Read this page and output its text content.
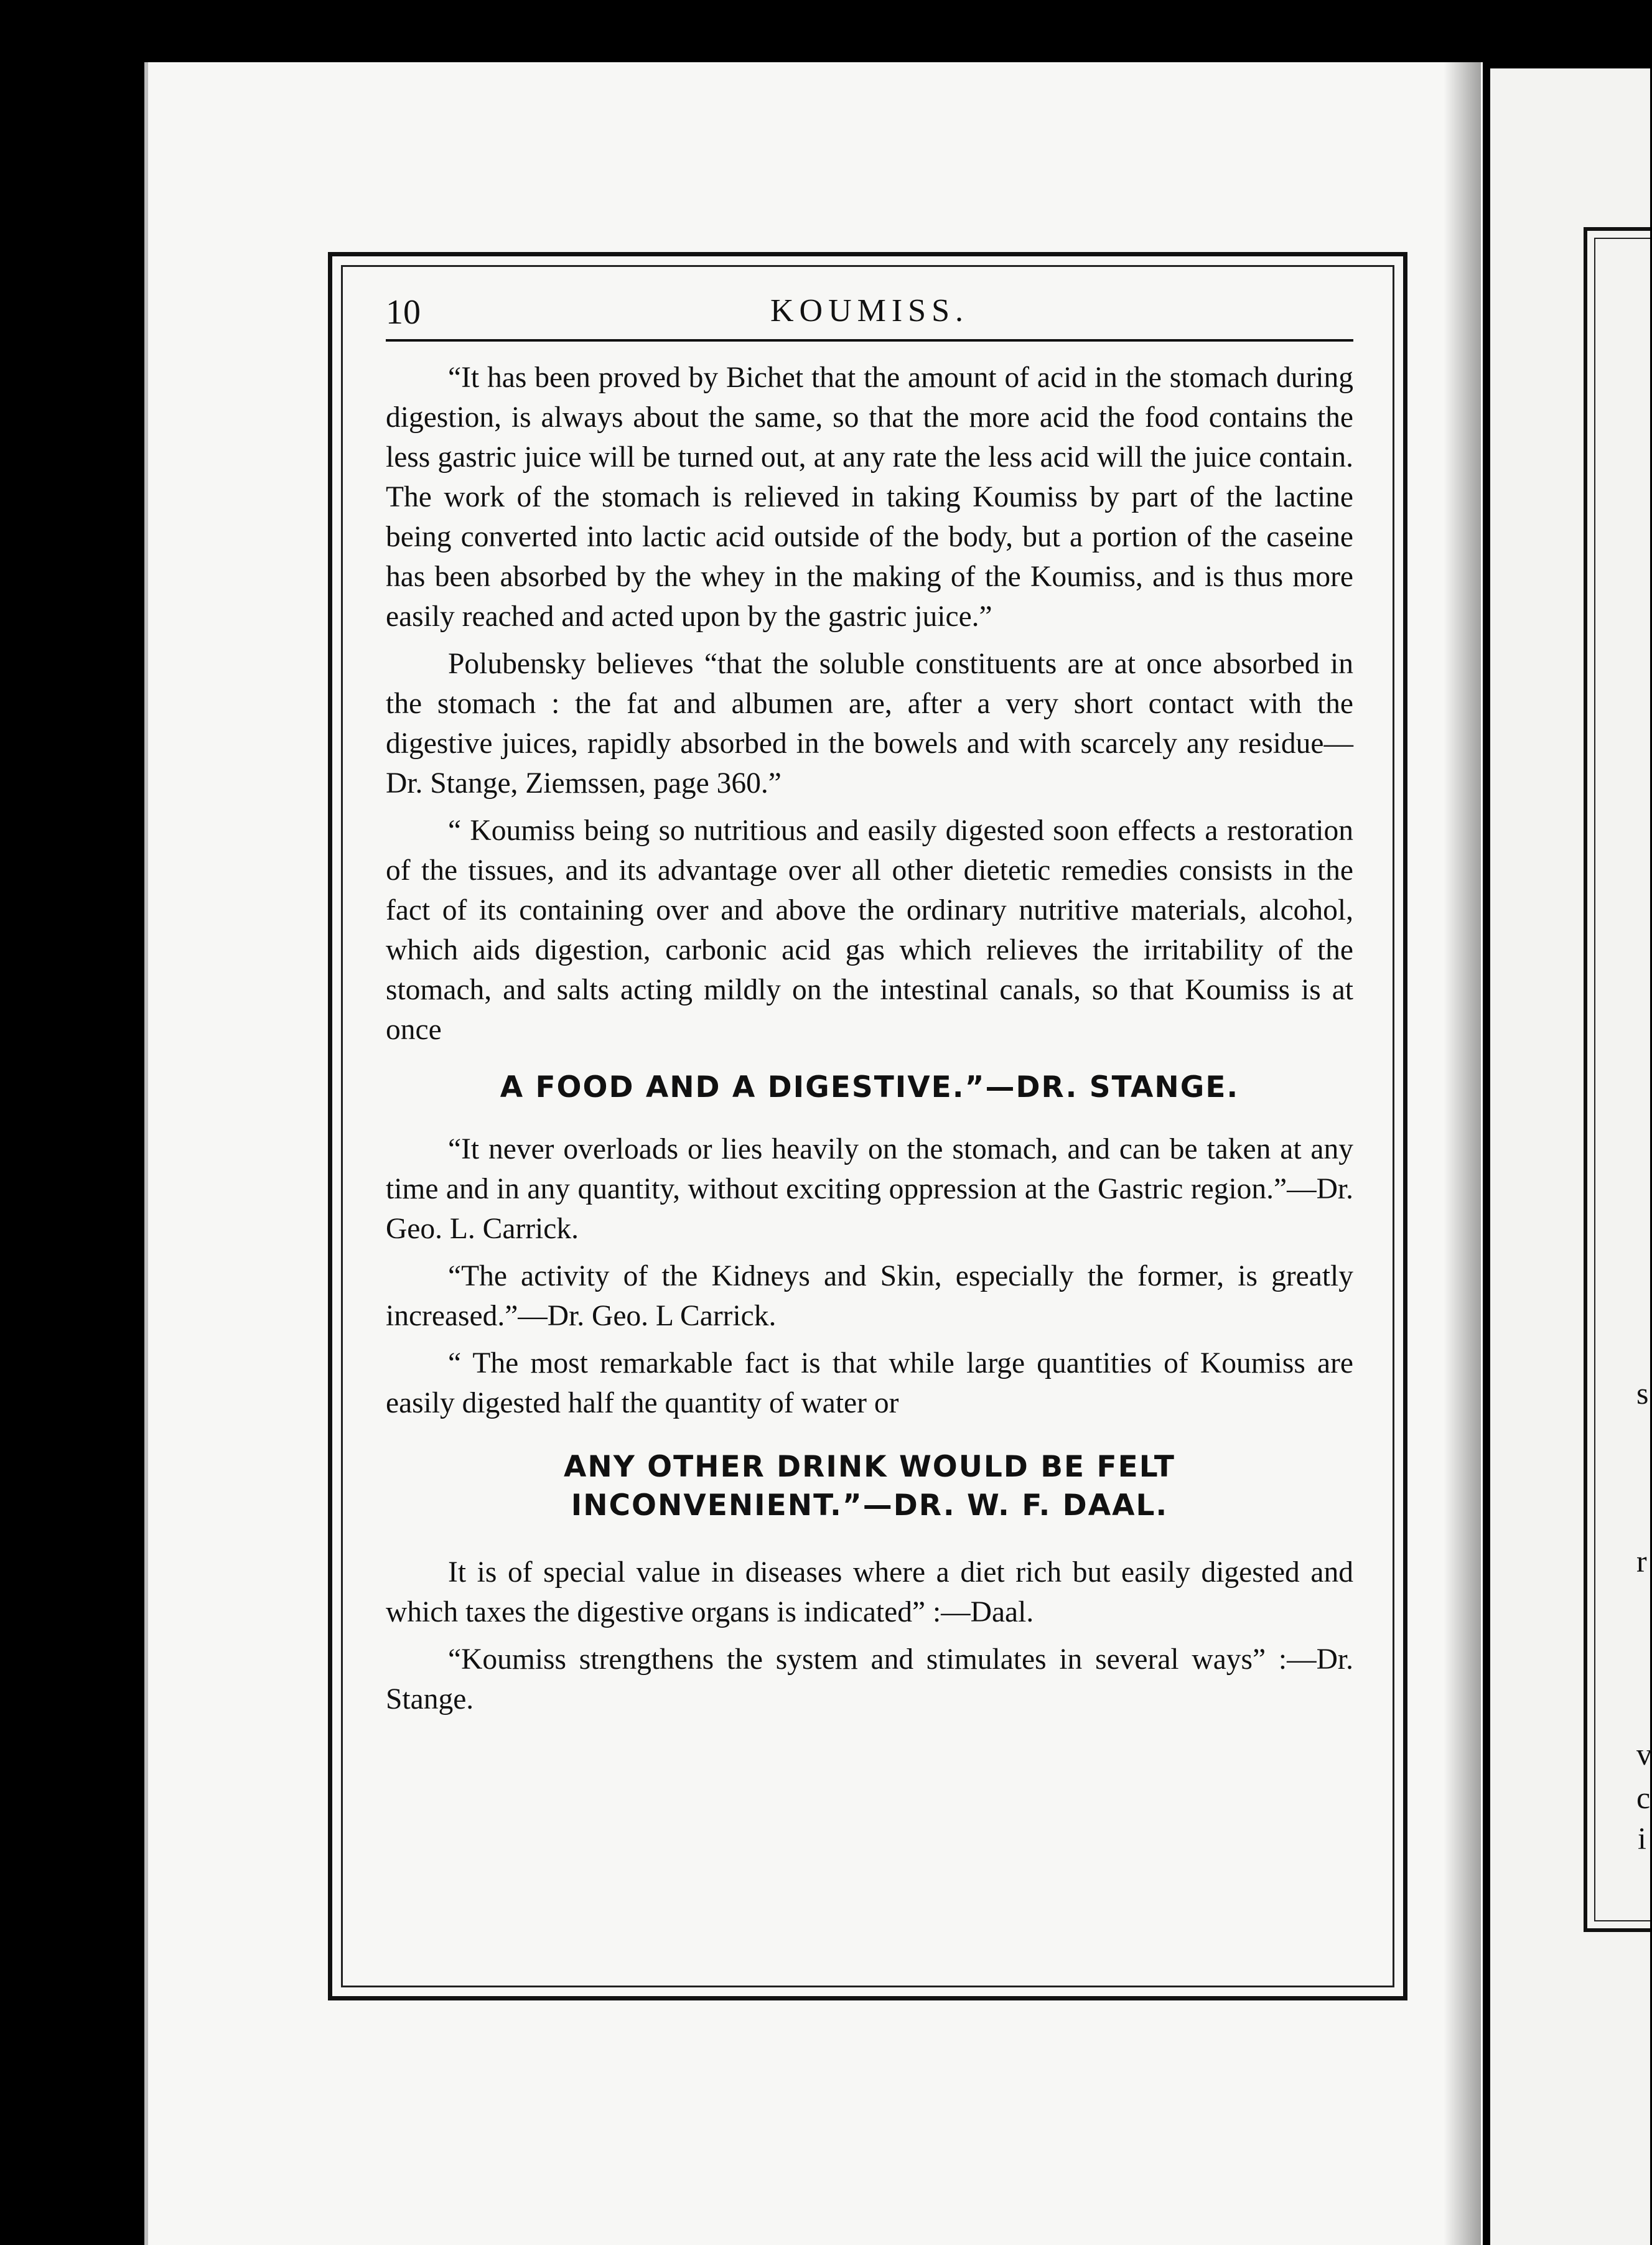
s
r
v
c
i
10	KOUMISS.

“It has been proved by Bichet that the amount of acid in the stomach during digestion, is always about the same, so that the more acid the food contains the less gastric juice will be turned out, at any rate the less acid will the juice contain. The work of the stomach is relieved in taking Koumiss by part of the lactine being converted into lactic acid outside of the body, but a portion of the caseine has been absorbed by the whey in the making of the Koumiss, and is thus more easily reached and acted upon by the gastric juice.”

Polubensky believes “that the soluble constituents are at once absorbed in the stomach : the fat and albumen are, after a very short contact with the digestive juices, rapidly absorbed in the bowels and with scarcely any residue—Dr. Stange, Ziemssen, page 360.”

“ Koumiss being so nutritious and easily digested soon effects a restoration of the tissues, and its advantage over all other dietetic remedies consists in the fact of its containing over and above the ordinary nutritive materials, alcohol, which aids digestion, carbonic acid gas which relieves the irritability of the stomach, and salts acting mildly on the intestinal canals, so that Koumiss is at once

A FOOD AND A DIGESTIVE.”—DR. STANGE.

“It never overloads or lies heavily on the stomach, and can be taken at any time and in any quantity, without exciting oppression at the Gastric region.”—Dr. Geo. L. Carrick.

“The activity of the Kidneys and Skin, especially the former, is greatly increased.”—Dr. Geo. L Carrick.

“ The most remarkable fact is that while large quantities of Koumiss are easily digested half the quantity of water or

ANY OTHER DRINK WOULD BE FELT
INCONVENIENT.”—DR. W. F. DAAL.

It is of special value in diseases where a diet rich but easily digested and which taxes the digestive organs is indicated” :—Daal.

“Koumiss strengthens the system and stimulates in several ways” :—Dr. Stange.
